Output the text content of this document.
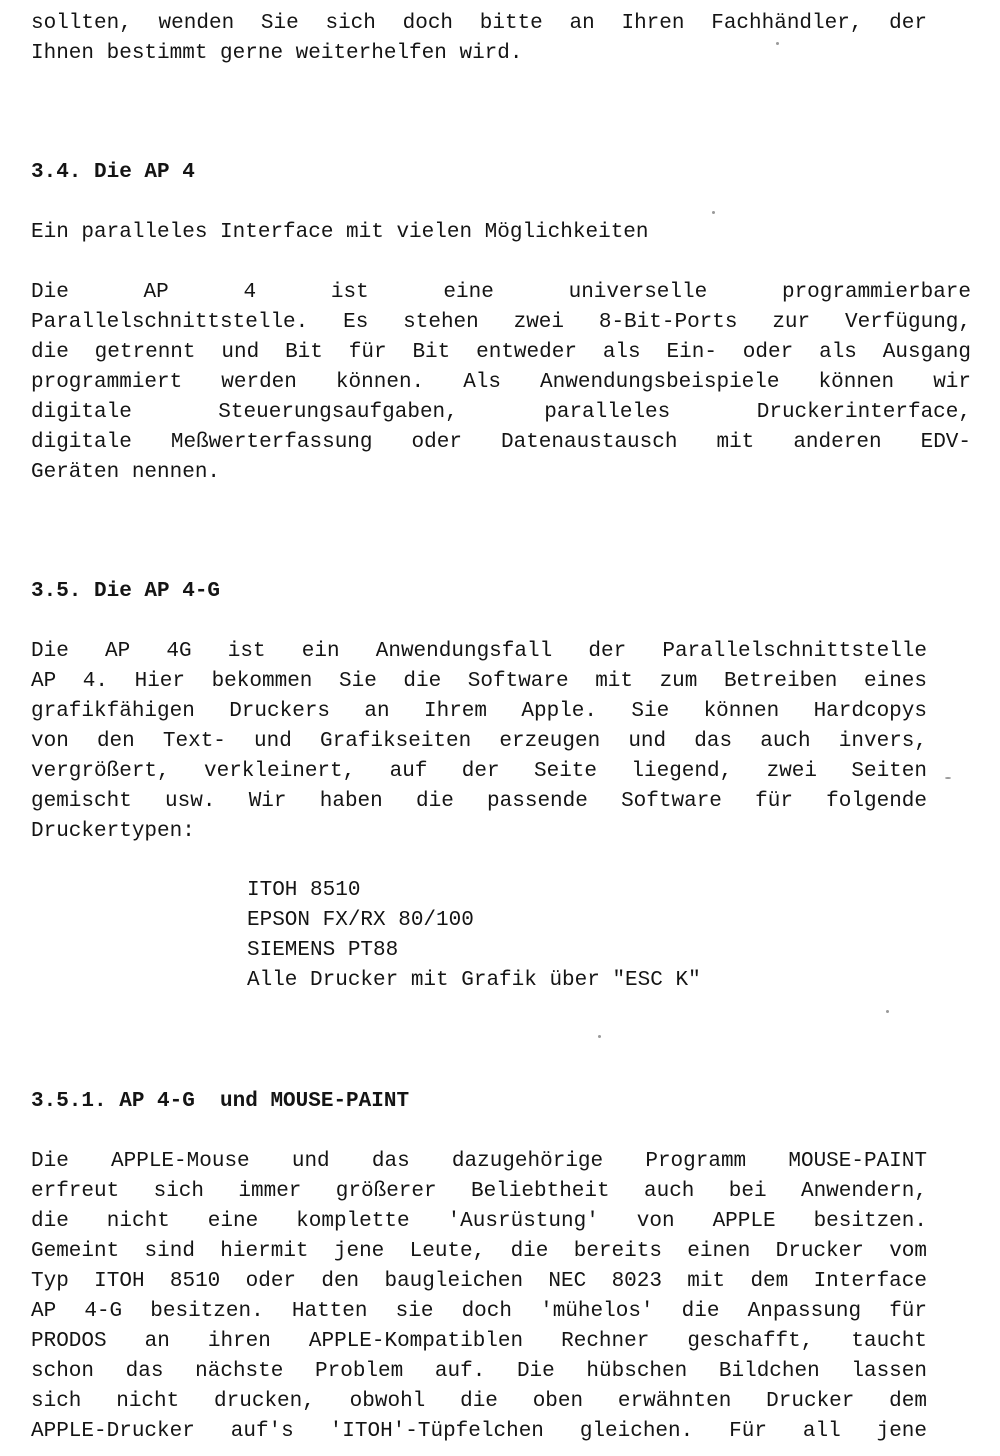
sollten, wenden Sie sich doch bitte an Ihren Fachhändler, der
Ihnen bestimmt gerne weiterhelfen wird.
3.4. Die AP 4
Ein paralleles Interface mit vielen Möglichkeiten
Die AP 4 ist eine universelle programmierbare
Parallelschnittstelle. Es stehen zwei 8-Bit-Ports zur Verfügung,
die getrennt und Bit für Bit entweder als Ein- oder als Ausgang
programmiert werden können. Als Anwendungsbeispiele können wir
digitale Steuerungsaufgaben, paralleles Druckerinterface,
digitale Meßwerterfassung oder Datenaustausch mit anderen EDV-
Geräten nennen.
3.5. Die AP 4-G
Die AP 4G ist ein Anwendungsfall der Parallelschnittstelle
AP 4. Hier bekommen Sie die Software mit zum Betreiben eines
grafikfähigen Druckers an Ihrem Apple. Sie können Hardcopys
von den Text- und Grafikseiten erzeugen und das auch invers,
vergrößert, verkleinert, auf der Seite liegend, zwei Seiten
gemischt usw. Wir haben die passende Software für folgende
Druckertypen:
ITOH 8510
EPSON FX/RX 80/100
SIEMENS PT88
Alle Drucker mit Grafik über "ESC K"
3.5.1. AP 4-G  und MOUSE-PAINT
Die APPLE-Mouse und das dazugehörige Programm MOUSE-PAINT
erfreut sich immer größerer Beliebtheit auch bei Anwendern,
die nicht eine komplette 'Ausrüstung' von APPLE besitzen.
Gemeint sind hiermit jene Leute, die bereits einen Drucker vom
Typ ITOH 8510 oder den baugleichen NEC 8023 mit dem Interface
AP 4-G besitzen. Hatten sie doch 'mühelos' die Anpassung für
PRODOS an ihren APPLE-Kompatiblen Rechner geschafft, taucht
schon das nächste Problem auf. Die hübschen Bildchen lassen
sich nicht drucken, obwohl die oben erwähnten Drucker dem
APPLE-Drucker auf's 'ITOH'-Tüpfelchen gleichen. Für all jene
